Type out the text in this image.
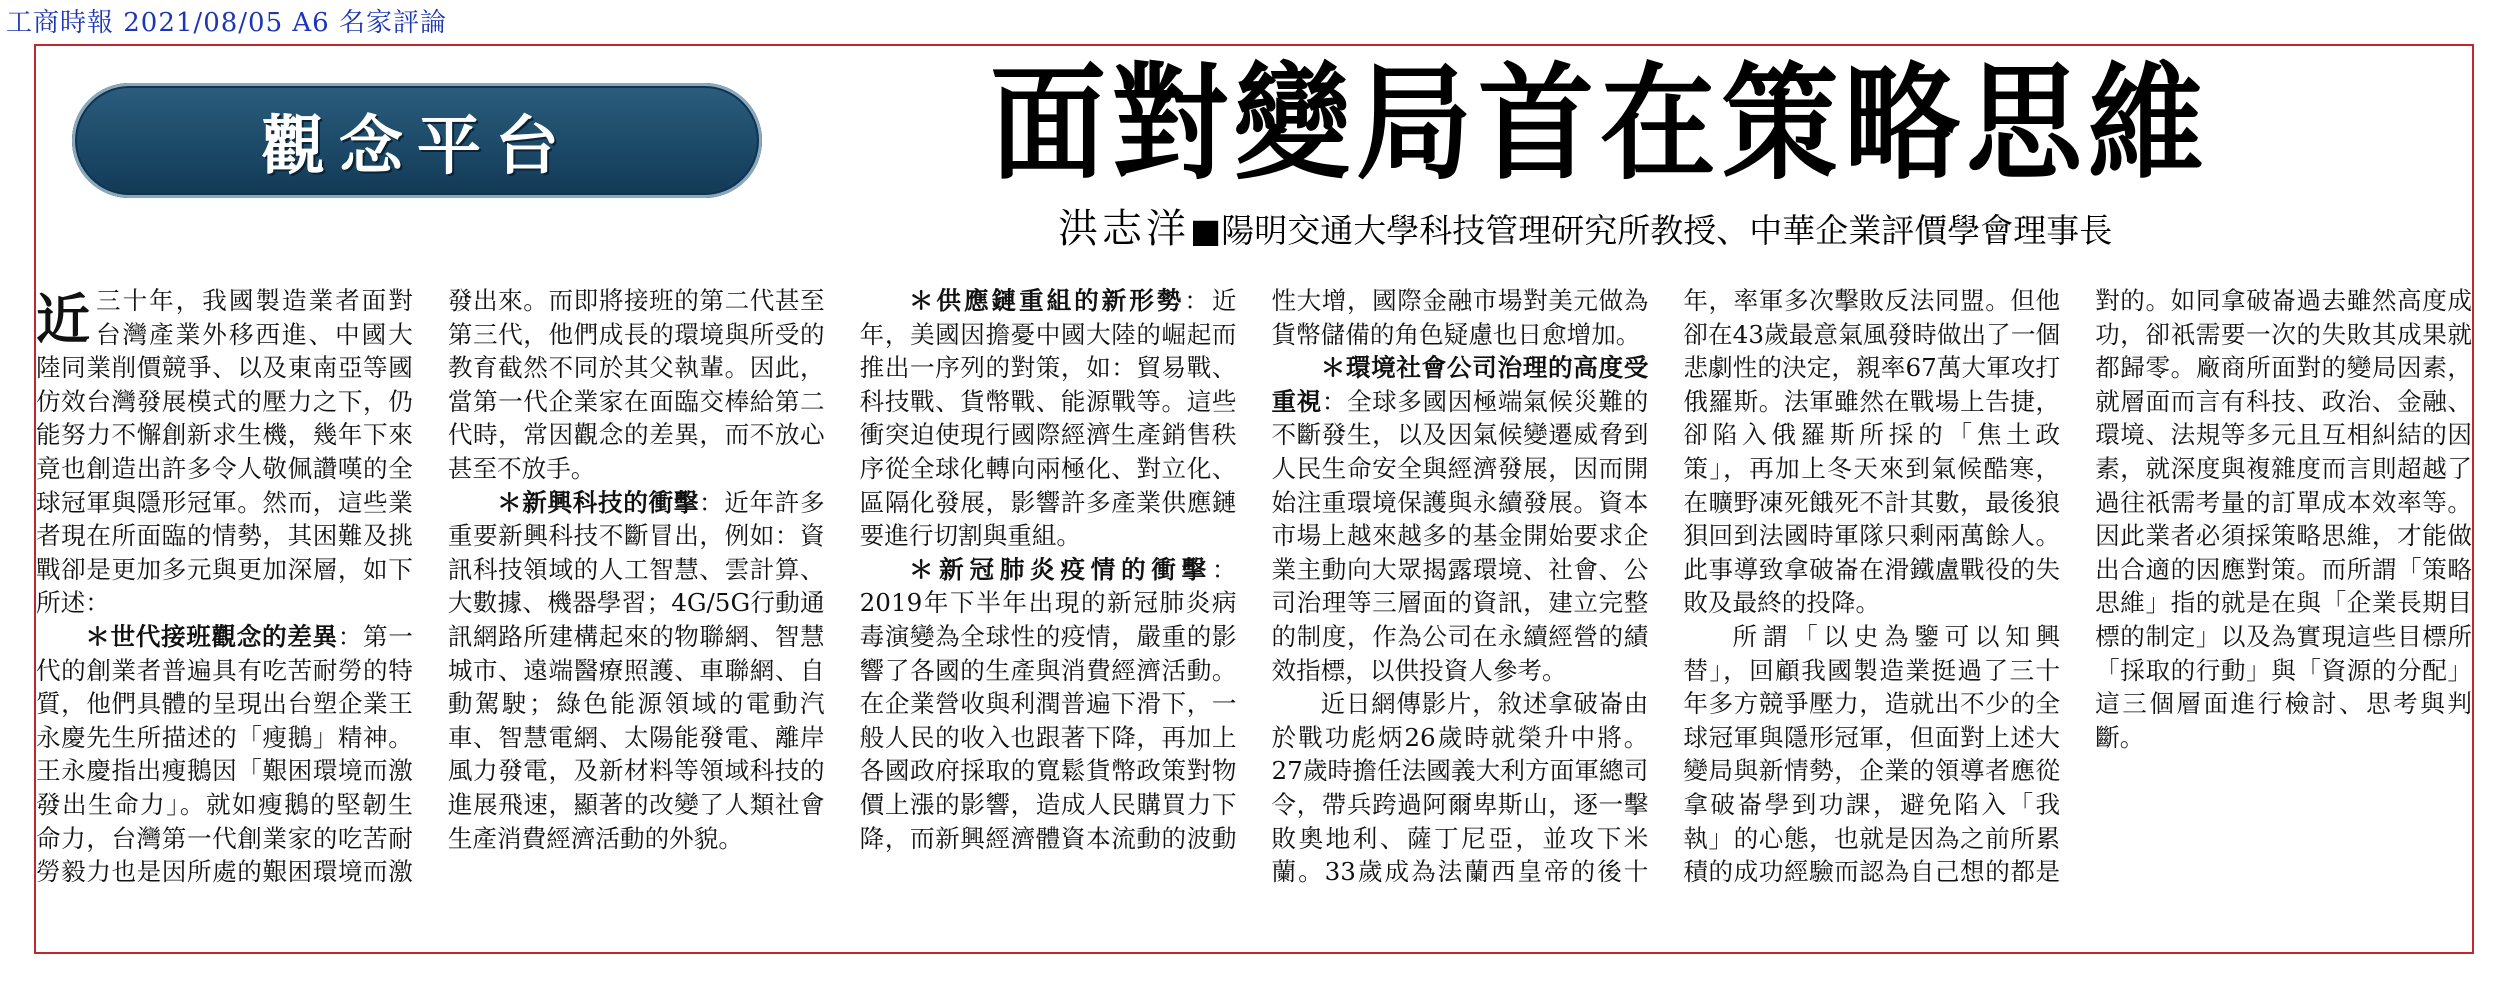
工商時報 2021/08/05 A6 名家評論
觀念平台	面對變局首在策略思維
洪志洋■陽明交通大學科技管理研究所教授、中華企業評價學會理事長

近三十年，我國製造業者面對台灣產業外移西進、中國大陸同業削價競爭、以及東南亞等國仿效台灣發展模式的壓力之下，仍能努力不懈創新求生機，幾年下來竟也創造出許多令人敬佩讚嘆的全球冠軍與隱形冠軍。然而，這些業者現在所面臨的情勢，其困難及挑戰卻是更加多元與更加深層，如下所述：

＊世代接班觀念的差異：第一代的創業者普遍具有吃苦耐勞的特質，他們具體的呈現出台塑企業王永慶先生所描述的「瘦鵝」精神。王永慶指出瘦鵝因「艱困環境而激發出生命力」。就如瘦鵝的堅韌生命力，台灣第一代創業家的吃苦耐勞毅力也是因所處的艱困環境而激發出來。而即將接班的第二代甚至第三代，他們成長的環境與所受的教育截然不同於其父執輩。因此，當第一代企業家在面臨交棒給第二代時，常因觀念的差異，而不放心甚至不放手。

＊新興科技的衝擊：近年許多重要新興科技不斷冒出，例如：資訊科技領域的人工智慧、雲計算、大數據、機器學習；4G/5G行動通訊網路所建構起來的物聯網、智慧城市、遠端醫療照護、車聯網、自動駕駛；綠色能源領域的電動汽車、智慧電網、太陽能發電、離岸風力發電，及新材料等領域科技的進展飛速，顯著的改變了人類社會生產消費經濟活動的外貌。

＊供應鏈重組的新形勢：近年，美國因擔憂中國大陸的崛起而推出一序列的對策，如：貿易戰、科技戰、貨幣戰、能源戰等。這些衝突迫使現行國際經濟生產銷售秩序從全球化轉向兩極化、對立化、區隔化發展，影響許多產業供應鏈要進行切割與重組。

＊新冠肺炎疫情的衝擊：2019年下半年出現的新冠肺炎病毒演變為全球性的疫情，嚴重的影響了各國的生產與消費經濟活動。在企業營收與利潤普遍下滑下，一般人民的收入也跟著下降，再加上各國政府採取的寬鬆貨幣政策對物價上漲的影響，造成人民購買力下降，而新興經濟體資本流動的波動性大增，國際金融市場對美元做為貨幣儲備的角色疑慮也日愈增加。

＊環境社會公司治理的高度受重視：全球多國因極端氣候災難的不斷發生，以及因氣候變遷威脅到人民生命安全與經濟發展，因而開始注重環境保護與永續發展。資本市場上越來越多的基金開始要求企業主動向大眾揭露環境、社會、公司治理等三層面的資訊，建立完整的制度，作為公司在永續經營的績效指標，以供投資人參考。

近日網傳影片，敘述拿破崙由於戰功彪炳26歲時就榮升中將。27歲時擔任法國義大利方面軍總司令，帶兵跨過阿爾卑斯山，逐一擊敗奧地利、薩丁尼亞，並攻下米蘭。33歲成為法蘭西皇帝的後十年，率軍多次擊敗反法同盟。但他卻在43歲最意氣風發時做出了一個悲劇性的決定，親率67萬大軍攻打俄羅斯。法軍雖然在戰場上告捷，卻陷入俄羅斯所採的「焦土政策」，再加上冬天來到氣候酷寒，在曠野凍死餓死不計其數，最後狼狽回到法國時軍隊只剩兩萬餘人。此事導致拿破崙在滑鐵盧戰役的失敗及最終的投降。

所謂「以史為鑒可以知興替」，回顧我國製造業挺過了三十年多方競爭壓力，造就出不少的全球冠軍與隱形冠軍，但面對上述大變局與新情勢，企業的領導者應從拿破崙學到功課，避免陷入「我執」的心態，也就是因為之前所累積的成功經驗而認為自己想的都是對的。如同拿破崙過去雖然高度成功，卻祇需要一次的失敗其成果就都歸零。廠商所面對的變局因素，就層面而言有科技、政治、金融、環境、法規等多元且互相糾結的因素，就深度與複雜度而言則超越了過往祇需考量的訂單成本效率等。因此業者必須採策略思維，才能做出合適的因應對策。而所謂「策略思維」指的就是在與「企業長期目標的制定」以及為實現這些目標所「採取的行動」與「資源的分配」這三個層面進行檢討、思考與判斷。
